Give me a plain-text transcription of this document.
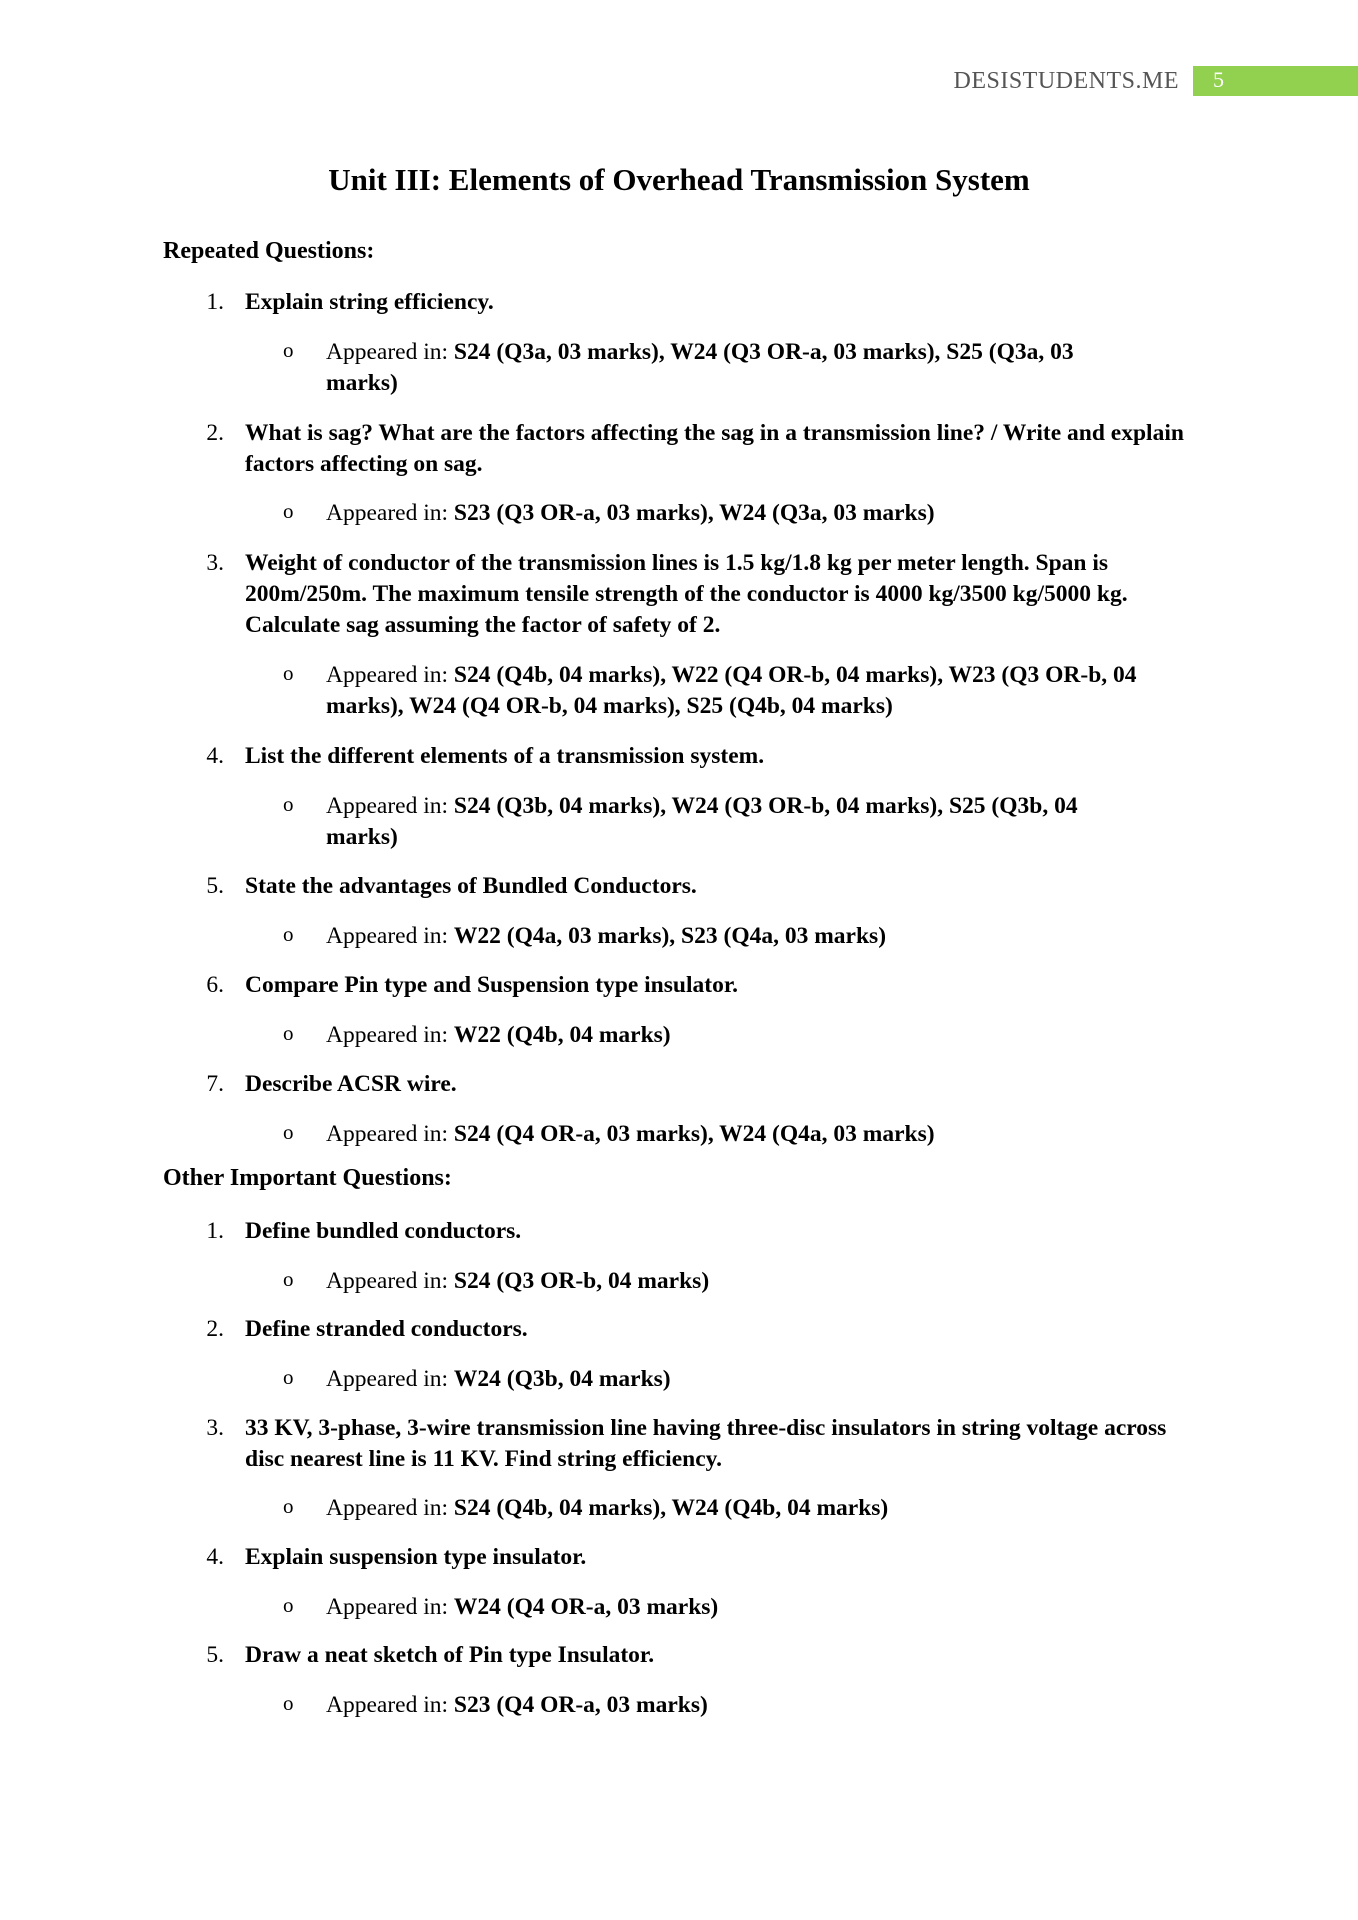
DESISTUDENTS.ME	5
Unit III: Elements of Overhead Transmission System
Repeated Questions:
1. Explain string efficiency.
o Appeared in: S24 (Q3a, 03 marks), W24 (Q3 OR-a, 03 marks), S25 (Q3a, 03 marks)
2. What is sag? What are the factors affecting the sag in a transmission line? / Write and explain factors affecting on sag.
o Appeared in: S23 (Q3 OR-a, 03 marks), W24 (Q3a, 03 marks)
3. Weight of conductor of the transmission lines is 1.5 kg/1.8 kg per meter length. Span is 200m/250m. The maximum tensile strength of the conductor is 4000 kg/3500 kg/5000 kg. Calculate sag assuming the factor of safety of 2.
o Appeared in: S24 (Q4b, 04 marks), W22 (Q4 OR-b, 04 marks), W23 (Q3 OR-b, 04 marks), W24 (Q4 OR-b, 04 marks), S25 (Q4b, 04 marks)
4. List the different elements of a transmission system.
o Appeared in: S24 (Q3b, 04 marks), W24 (Q3 OR-b, 04 marks), S25 (Q3b, 04 marks)
5. State the advantages of Bundled Conductors.
o Appeared in: W22 (Q4a, 03 marks), S23 (Q4a, 03 marks)
6. Compare Pin type and Suspension type insulator.
o Appeared in: W22 (Q4b, 04 marks)
7. Describe ACSR wire.
o Appeared in: S24 (Q4 OR-a, 03 marks), W24 (Q4a, 03 marks)
Other Important Questions:
1. Define bundled conductors.
o Appeared in: S24 (Q3 OR-b, 04 marks)
2. Define stranded conductors.
o Appeared in: W24 (Q3b, 04 marks)
3. 33 KV, 3-phase, 3-wire transmission line having three-disc insulators in string voltage across disc nearest line is 11 KV. Find string efficiency.
o Appeared in: S24 (Q4b, 04 marks), W24 (Q4b, 04 marks)
4. Explain suspension type insulator.
o Appeared in: W24 (Q4 OR-a, 03 marks)
5. Draw a neat sketch of Pin type Insulator.
o Appeared in: S23 (Q4 OR-a, 03 marks)
